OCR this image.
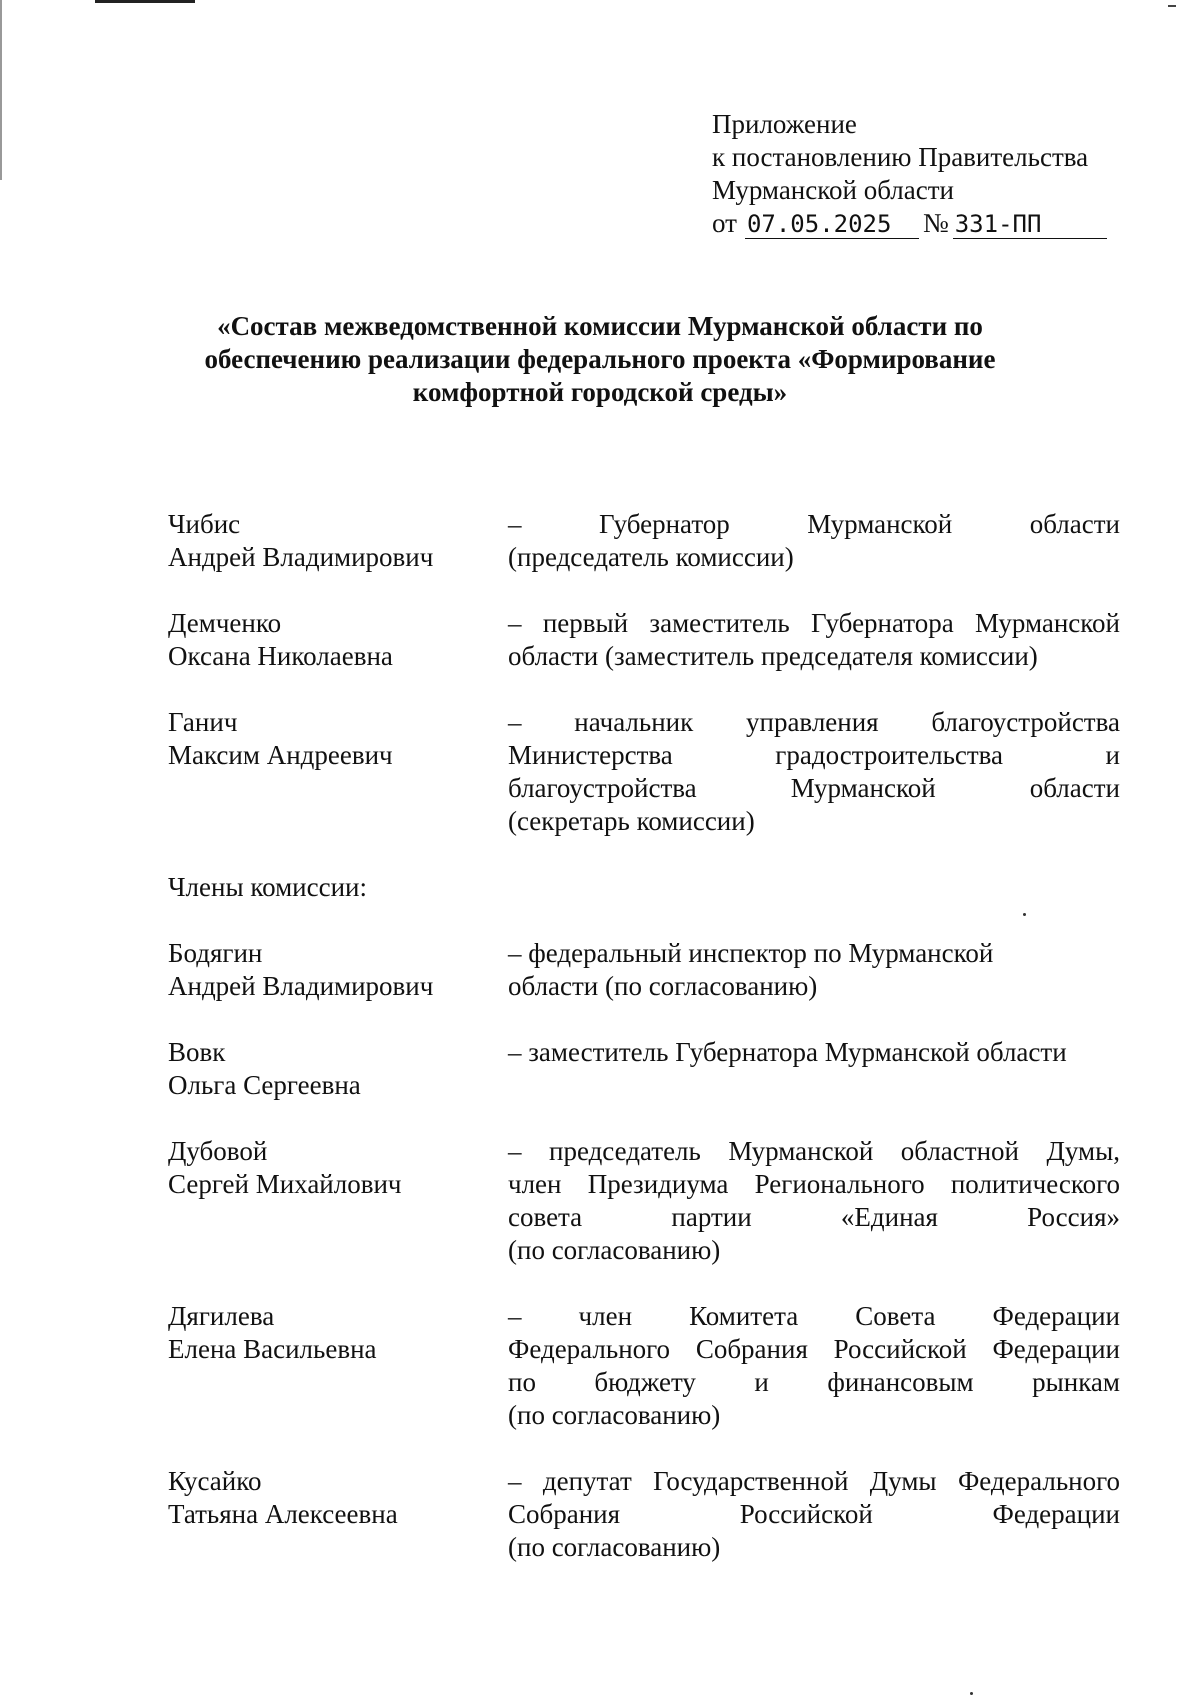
Приложение
к постановлению Правительства
Мурманской области
от 07.05.2025	№ 331-ПП
«Состав межведомственной комиссии Мурманской области по
обеспечению реализации федерального проекта «Формирование
комфортной городской среды»
Чибис
Андрей Владимирович
– Губернатор Мурманской области
(председатель комиссии)
Демченко
Оксана Николаевна
– первый заместитель Губернатора Мурманской
области (заместитель председателя комиссии)
Ганич
Максим Андреевич
– начальник управления благоустройства
Министерства градостроительства и
благоустройства Мурманской области
(секретарь комиссии)
Члены комиссии:
Бодягин
Андрей Владимирович
– федеральный инспектор по Мурманской
области (по согласованию)
Вовк
Ольга Сергеевна
– заместитель Губернатора Мурманской области
Дубовой
Сергей Михайлович
– председатель Мурманской областной Думы,
член Президиума Регионального политического
совета партии «Единая Россия»
(по согласованию)
Дягилева
Елена Васильевна
– член Комитета Совета Федерации
Федерального Собрания Российской Федерации
по бюджету и финансовым рынкам
(по согласованию)
Кусайко
Татьяна Алексеевна
– депутат Государственной Думы Федерального
Собрания Российской Федерации
(по согласованию)
